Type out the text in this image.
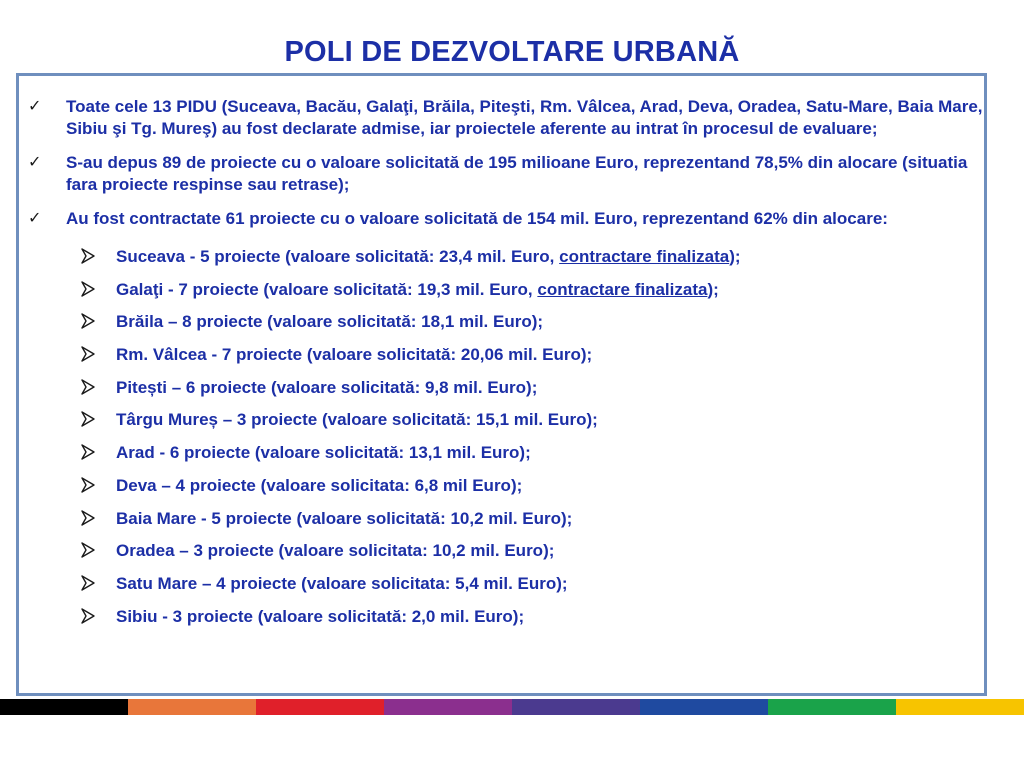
POLI DE DEZVOLTARE URBANĂ
✓ Toate cele 13 PIDU (Suceava, Bacău, Galaţi, Brăila, Piteşti, Rm. Vâlcea, Arad, Deva, Oradea, Satu-Mare, Baia Mare, Sibiu şi Tg. Mureş) au fost declarate admise, iar proiectele aferente au intrat în procesul de evaluare;
✓ S-au depus 89 de proiecte cu o valoare solicitată de 195 milioane Euro, reprezentand 78,5% din alocare (situatia fara proiecte respinse sau retrase);
✓ Au fost contractate 61 proiecte cu o valoare solicitată de 154 mil. Euro, reprezentand 62% din alocare:
Suceava - 5 proiecte (valoare solicitată: 23,4 mil. Euro, contractare finalizata);
Galaţi - 7 proiecte (valoare solicitată: 19,3 mil. Euro, contractare finalizata);
Brăila – 8 proiecte (valoare solicitată: 18,1 mil. Euro);
Rm. Vâlcea - 7 proiecte (valoare solicitată: 20,06 mil. Euro);
Pitești – 6 proiecte (valoare solicitată: 9,8 mil. Euro);
Târgu Mureș – 3 proiecte (valoare solicitată: 15,1 mil. Euro);
Arad - 6 proiecte (valoare solicitată: 13,1 mil. Euro);
Deva – 4 proiecte (valoare solicitata: 6,8 mil Euro);
Baia Mare - 5 proiecte (valoare solicitată: 10,2 mil. Euro);
Oradea – 3 proiecte (valoare solicitata: 10,2 mil. Euro);
Satu Mare – 4 proiecte (valoare solicitata: 5,4 mil. Euro);
Sibiu - 3 proiecte (valoare solicitată: 2,0 mil. Euro);
